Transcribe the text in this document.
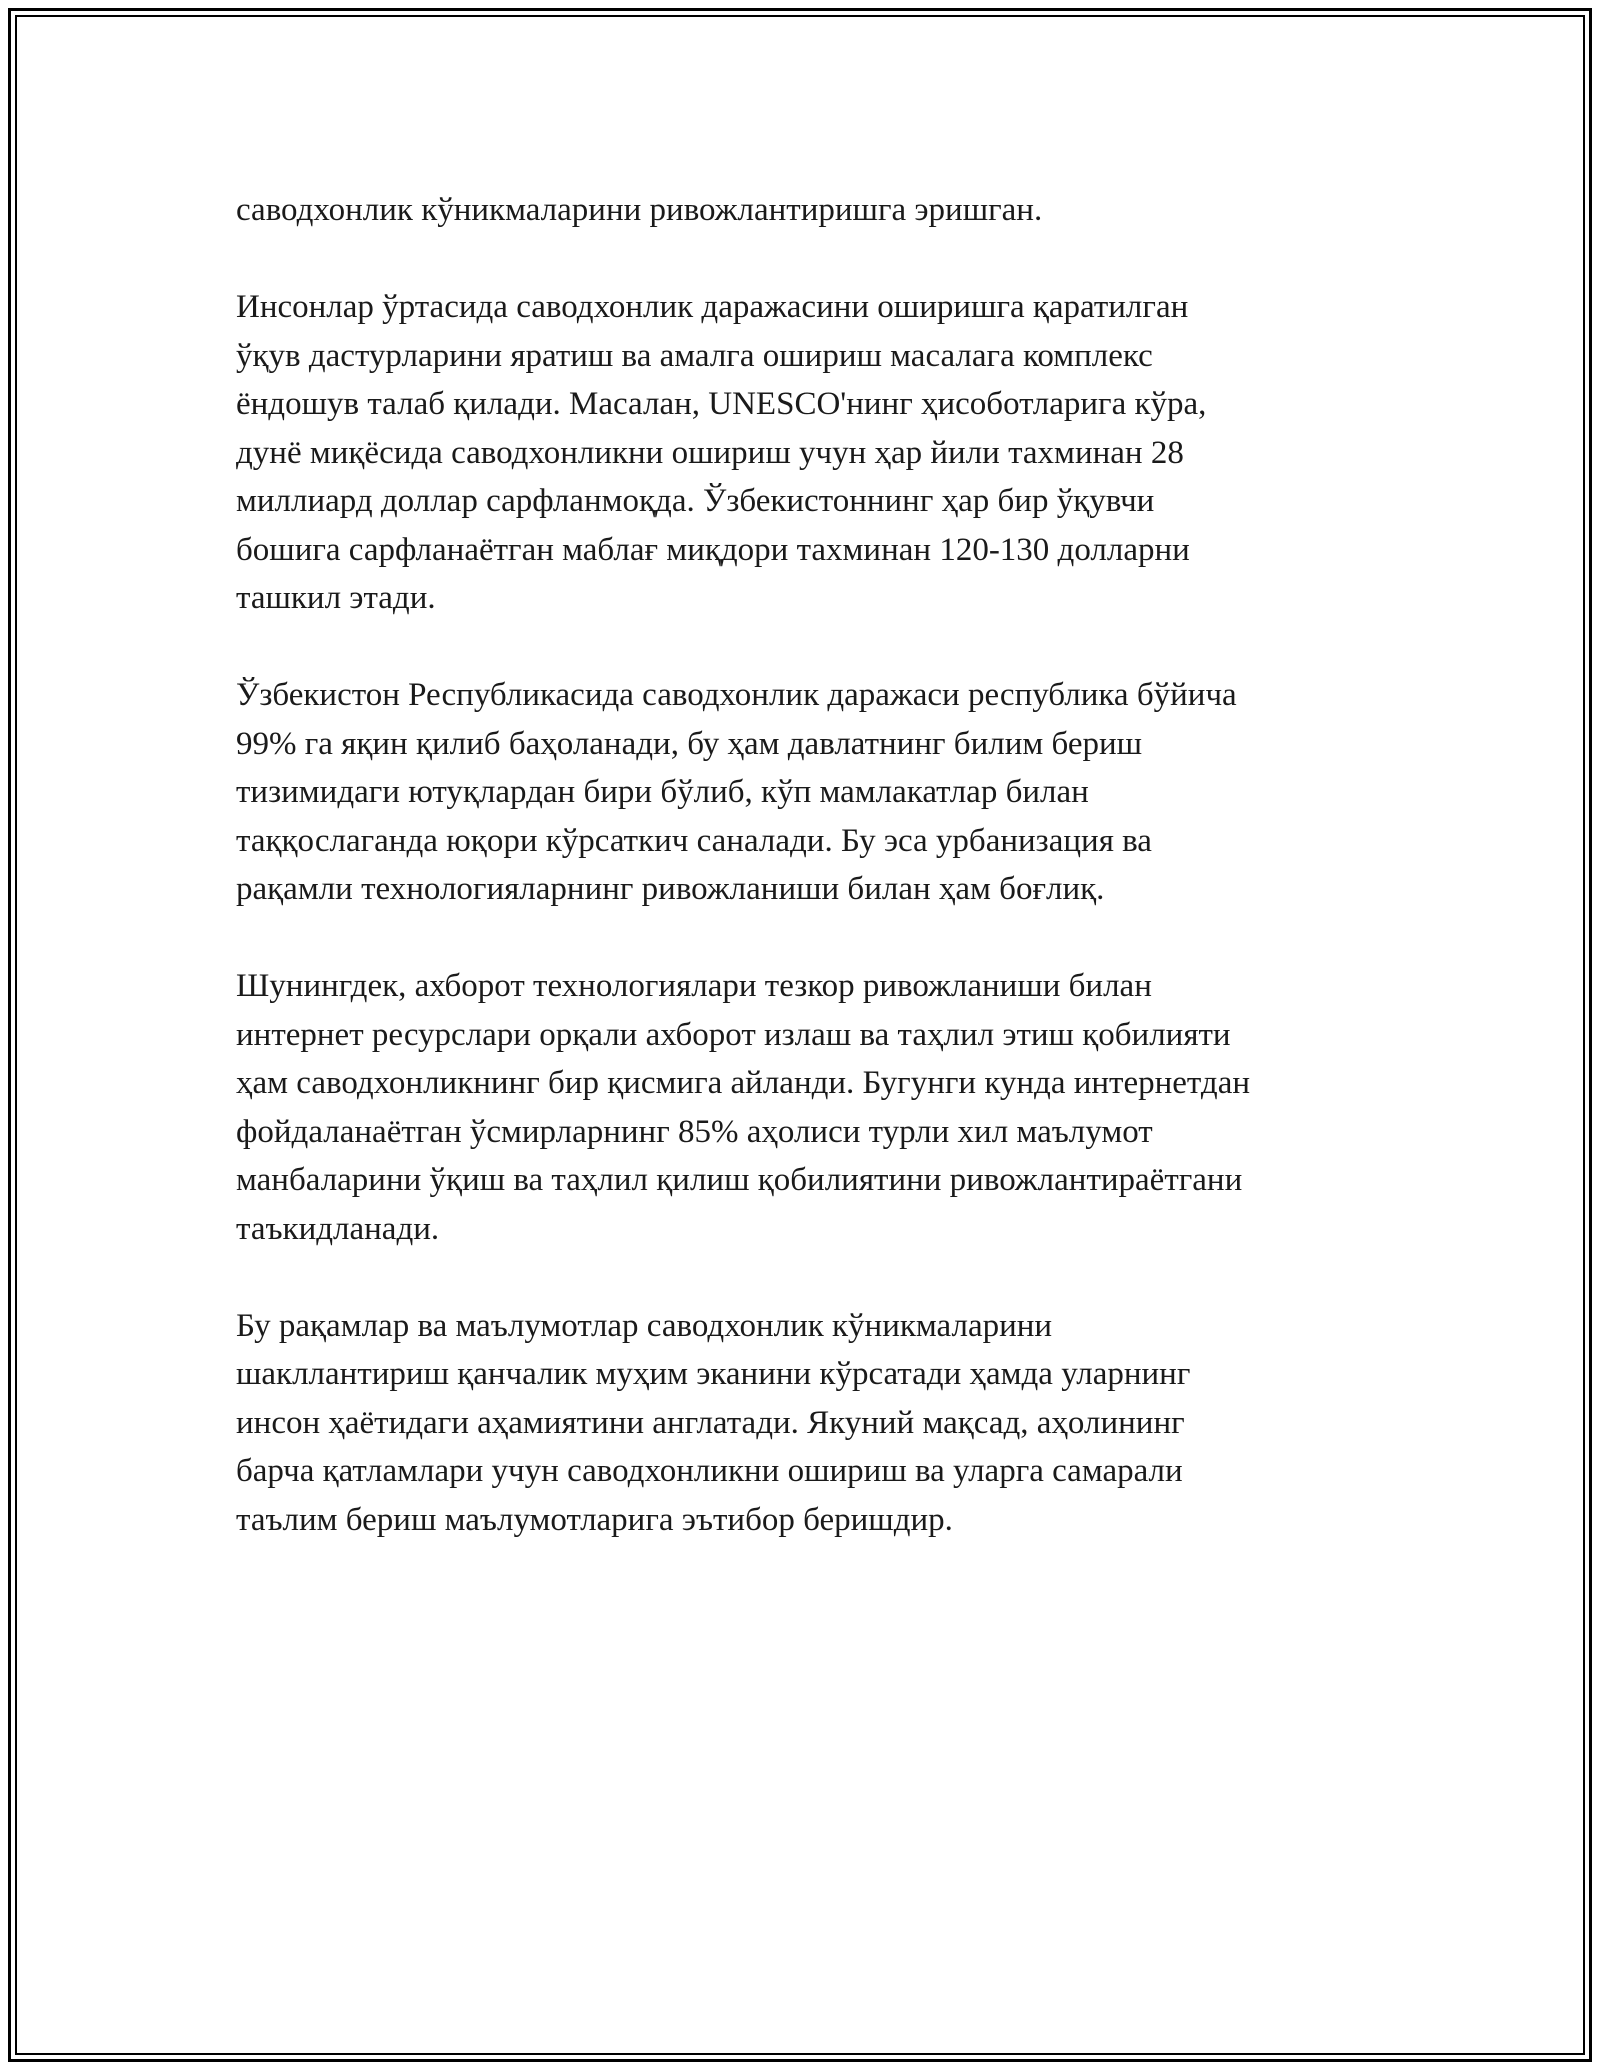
саводхонлик кўникмаларини ривожлантиришга эришган.

Инсонлар ўртасида саводхонлик даражасини оширишга қаратилган
ўқув дастурларини яратиш ва амалга ошириш масалага комплекс
ёндошув талаб қилади. Масалан, UNESCO'нинг ҳисоботларига кўра,
дунё миқёсида саводхонликни ошириш учун ҳар йили тахминан 28
миллиард доллар сарфланмоқда. Ўзбекистоннинг ҳар бир ўқувчи
бошига сарфланаётган маблағ миқдори тахминан 120-130 долларни
ташкил этади.

Ўзбекистон Республикасида саводхонлик даражаси республика бўйича
99% га яқин қилиб баҳоланади, бу ҳам давлатнинг билим бериш
тизимидаги ютуқлардан бири бўлиб, кўп мамлакатлар билан
таққослаганда юқори кўрсаткич саналади. Бу эса урбанизация ва
рақамли технологияларнинг ривожланиши билан ҳам боғлиқ.

Шунингдек, ахборот технологиялари тезкор ривожланиши билан
интернет ресурслари орқали ахборот излаш ва таҳлил этиш қобилияти
ҳам саводхонликнинг бир қисмига айланди. Бугунги кунда интернетдан
фойдаланаётган ўсмирларнинг 85% аҳолиси турли хил маълумот
манбаларини ўқиш ва таҳлил қилиш қобилиятини ривожлантираётгани
таъкидланади.

Бу рақамлар ва маълумотлар саводхонлик кўникмаларини
шакллантириш қанчалик муҳим эканини кўрсатади ҳамда уларнинг
инсон ҳаётидаги аҳамиятини англатади. Якуний мақсад, аҳолининг
барча қатламлари учун саводхонликни ошириш ва уларга самарали
таълим бериш маълумотларига эътибор беришдир.
